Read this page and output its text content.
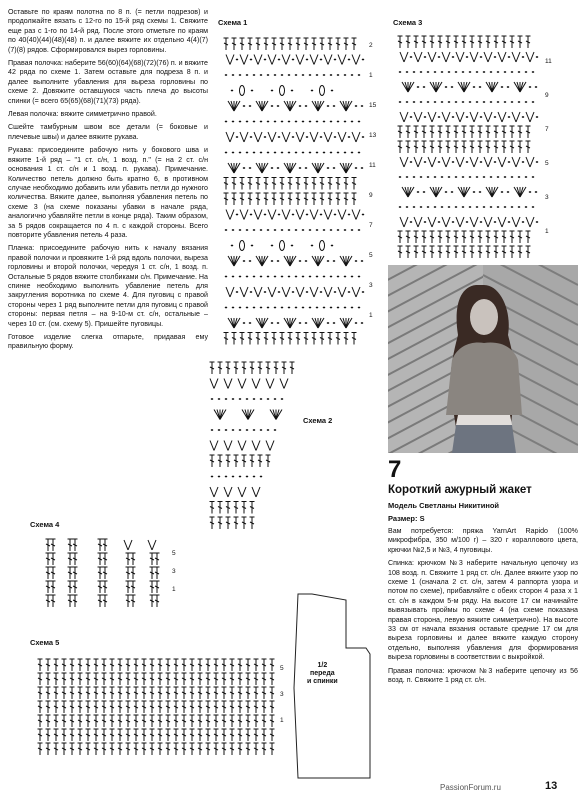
Оставьте по краям полотна по 8 п. (= петли подрезов) и продолжайте вязать с 12-го по 15-й ряд схемы 1. Свяжите еще раз с 1-го по 14-й ряд. После этого отметьте по краям по 40(40)(44)(48)(48) п. и далее вяжите их отдельно 4(4)(7)(7)(8) рядов. Сформировался вырез горловины.

Правая полочка: наберите 56(60)(64)(68)(72)(76) п. и вяжите 42 ряда по схеме 1. Затем оставьте для подреза 8 п. и далее выполните убавления для выреза горловины по схеме 2. Довяжите оставшуюся часть плеча до высоты спинки (= всего 65(65)(68)(71)(73) ряда).

Левая полочка: вяжите симметрично правой.

Сшейте тамбурным швом все детали (= боковые и плечевые швы) и далее вяжите рукава.

Рукава: присоедините рабочую нить у бокового шва и вяжите 1-й ряд – "1 ст. с/н, 1 возд. п." (= на 2 ст. с/н основания 1 ст. с/н и 1 возд. п. рукава). Примечание. Количество петель должно быть кратно 6, в противном случае необходимо добавить или убавить петли до нужного количества. Вяжите далее, выполняя убавления петель по схеме 3 (на схеме показаны убавки в начале ряда, аналогично убавляйте петли в конце ряда). Таким образом, за 5 рядов сокращается по 4 п. с каждой стороны. Всего повторите убавления петель 4 раза.

Планка: присоедините рабочую нить к началу вязания правой полочки и провяжите 1-й ряд вдоль полочки, выреза горловины и второй полочки, чередуя 1 ст. с/н, 1 возд. п. Остальные 5 рядов вяжите столбиками с/н. Примечание. На спинке необходимо выполнить убавление петель для закругления воротника по схеме 4. Для пуговиц с правой стороны через 1 ряд выполните петли для пуговиц с правой стороны: первая петля – на 9-10-м ст. с/н, остальные – через 10 ст. (см. схему 5). Пришейте пуговицы.

Готовое изделие слегка отпарьте, придавая ему правильную форму.

Схема 1
2
1
15
13
11
9
7
5
3
1
Схема 2
Схема 3
11
9
7
5
3
1
Схема 4
5
3
1
Схема 5
5
3
1
1/2
переда
и спинки
7
Короткий ажурный жакет
Модель Светланы Никитиной
Размер: S

Вам потребуется: пряжа YarnArt Rapido (100% микрофибра, 350 м/100 г) – 320 г кораллового цвета, крючки №2,5 и №3, 4 пуговицы.

Спинка: крючком №3 наберите начальную цепочку из 108 возд. п. Свяжите 1 ряд ст. с/н. Далее вяжите узор по схеме 1 (сначала 2 ст. с/н, затем 4 раппорта узора и потом по схеме), прибавляйте с обеих сторон 4 раза x 1 ст. с/н в каждом 5-м ряду. На высоте 17 см начинайте вывязывать проймы по схеме 4 (на схеме показана правая сторона, левую вяжите симметрично). На высоте 33 см от начала вязания оставьте средние 17 см для выреза горловины и далее вяжите каждую сторону отдельно, выполняя убавления для формирования выреза горловины в соответствии с выкройкой.

Правая полочка: крючком №3 наберите цепочку из 56 возд. п. Свяжите 1 ряд ст. с/н.

PassionForum.ru	13
